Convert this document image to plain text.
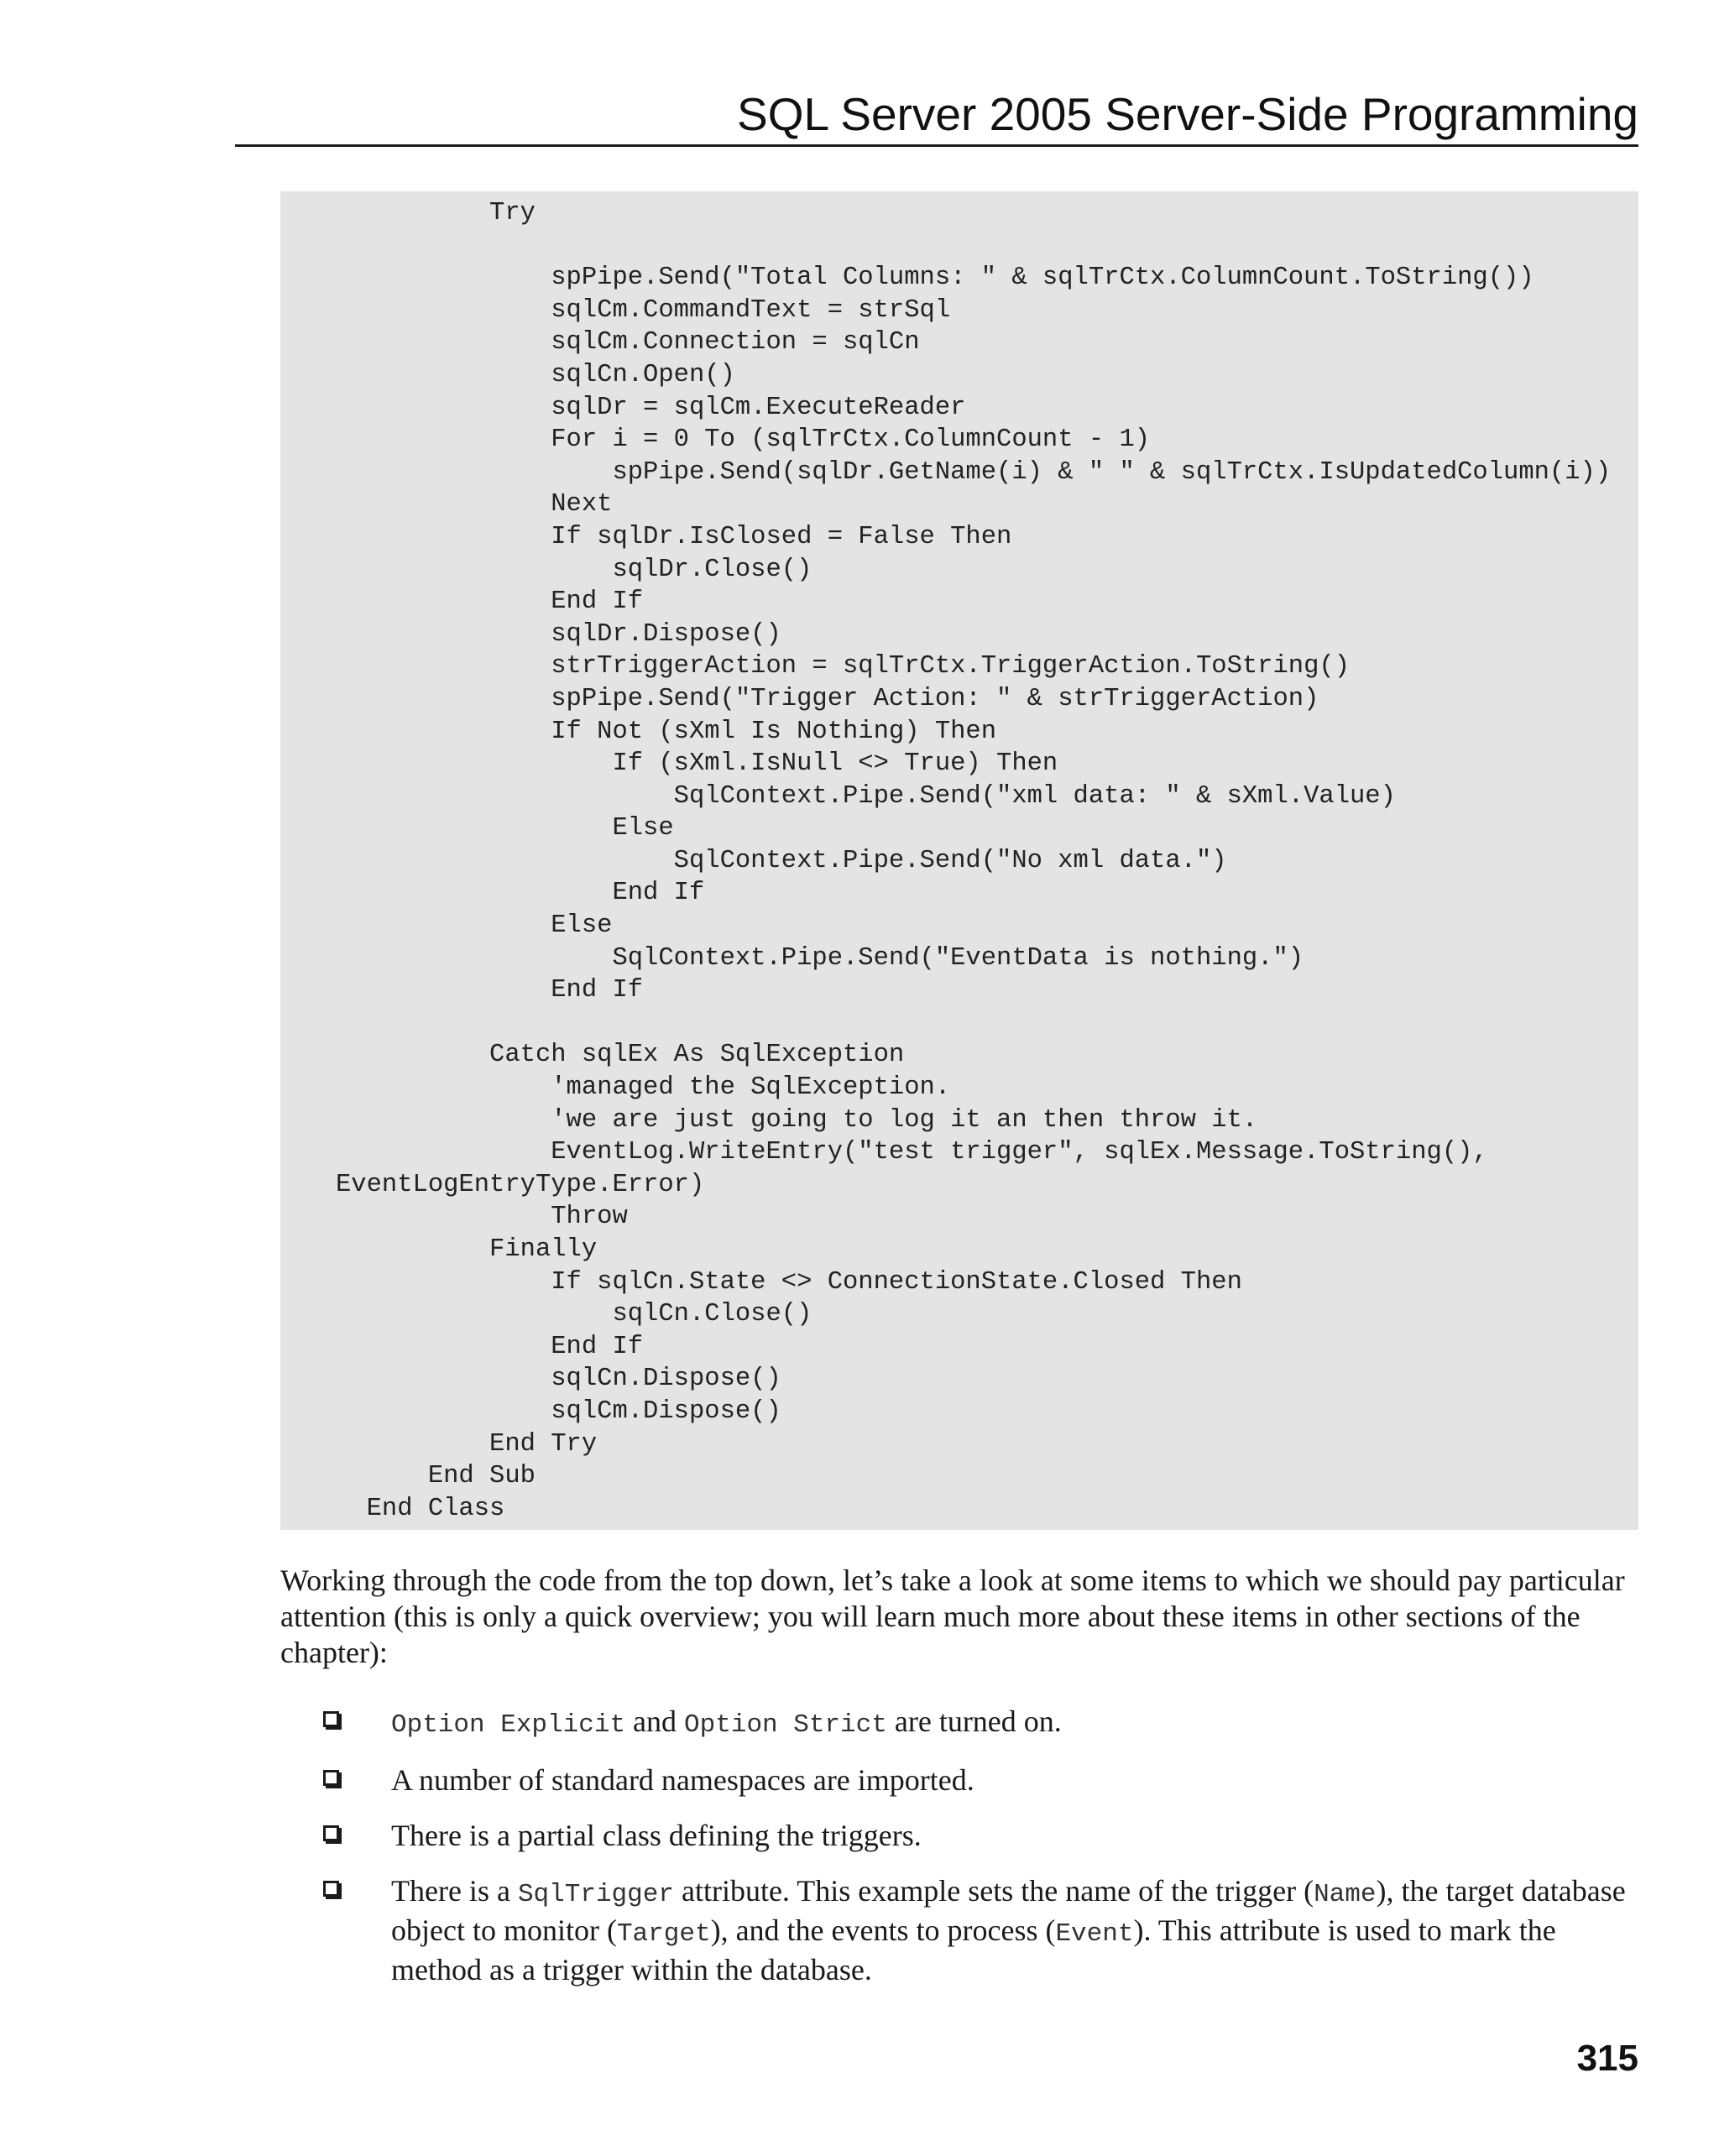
SQL Server 2005 Server-Side Programming
Try
spPipe.Send("Total Columns: " & sqlTrCtx.ColumnCount.ToString())
sqlCm.CommandText = strSql
sqlCm.Connection = sqlCn
sqlCn.Open()
sqlDr = sqlCm.ExecuteReader
For i = 0 To (sqlTrCtx.ColumnCount - 1)
spPipe.Send(sqlDr.GetName(i) & " " & sqlTrCtx.IsUpdatedColumn(i))
Next
If sqlDr.IsClosed = False Then
sqlDr.Close()
End If
sqlDr.Dispose()
strTriggerAction = sqlTrCtx.TriggerAction.ToString()
spPipe.Send("Trigger Action: " & strTriggerAction)
If Not (sXml Is Nothing) Then
If (sXml.IsNull <> True) Then
SqlContext.Pipe.Send("xml data: " & sXml.Value)
Else
SqlContext.Pipe.Send("No xml data.")
End If
Else
SqlContext.Pipe.Send("EventData is nothing.")
End If
Catch sqlEx As SqlException
'managed the SqlException.
'we are just going to log it an then throw it.
EventLog.WriteEntry("test trigger", sqlEx.Message.ToString(),
EventLogEntryType.Error)
Throw
Finally
If sqlCn.State <> ConnectionState.Closed Then
sqlCn.Close()
End If
sqlCn.Dispose()
sqlCm.Dispose()
End Try
End Sub
End Class
Working through the code from the top down, let’s take a look at some items to which we should pay particular attention (this is only a quick overview; you will learn much more about these items in other sections of the chapter):
Option Explicit and Option Strict are turned on.
A number of standard namespaces are imported.
There is a partial class defining the triggers.
There is a SqlTrigger attribute. This example sets the name of the trigger (Name), the target database object to monitor (Target), and the events to process (Event). This attribute is used to mark the method as a trigger within the database.
315
